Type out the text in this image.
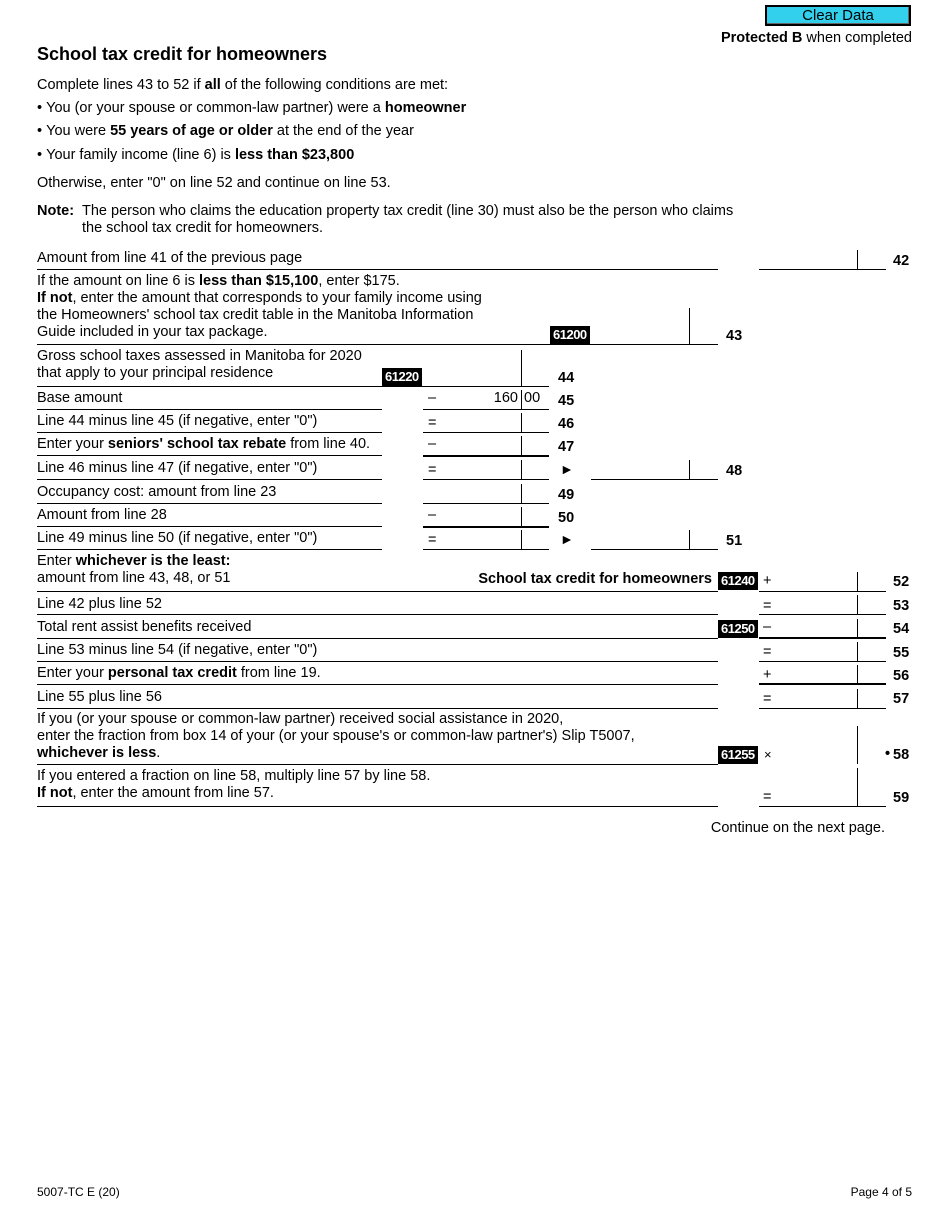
Clear Data
Protected B when completed
School tax credit for homeowners
Complete lines 43 to 52 if all of the following conditions are met:
• You (or your spouse or common-law partner) were a homeowner
• You were 55 years of age or older at the end of the year
• Your family income (line 6) is less than $23,800
Otherwise, enter "0" on line 52 and continue on line 53.
Note: The person who claims the education property tax credit (line 30) must also be the person who claims
the school tax credit for homeowners.
Amount from line 41 of the previous page	42
If the amount on line 6 is less than $15,100, enter $175.
If not, enter the amount that corresponds to your family income using
the Homeowners' school tax credit table in the Manitoba Information
Guide included in your tax package.	61200	43
Gross school taxes assessed in Manitoba for 2020
that apply to your principal residence	61220	44
Base amount	–	160 00 45
Line 44 minus line 45 (if negative, enter "0")	=	46
Enter your seniors' school tax rebate from line 40.	–	47
Line 46 minus line 47 (if negative, enter "0")	=	►	48
Occupancy cost: amount from line 23	49
Amount from line 28	–	50
Line 49 minus line 50 (if negative, enter "0")	=	►	51
Enter whichever is the least:
amount from line 43, 48, or 51	School tax credit for homeowners 61240 +	52
Line 42 plus line 52	=	53
Total rent assist benefits received	61250 –	54
Line 53 minus line 54 (if negative, enter "0")	=	55
Enter your personal tax credit from line 19.	+	56
Line 55 plus line 56	=	57
If you (or your spouse or common-law partner) received social assistance in 2020,
enter the fraction from box 14 of your (or your spouse's or common-law partner's) Slip T5007,
whichever is less.	61255 ×	• 58
If you entered a fraction on line 58, multiply line 57 by line 58.
If not, enter the amount from line 57.	=	59
Continue on the next page.
5007-TC E (20)	Page 4 of 5
